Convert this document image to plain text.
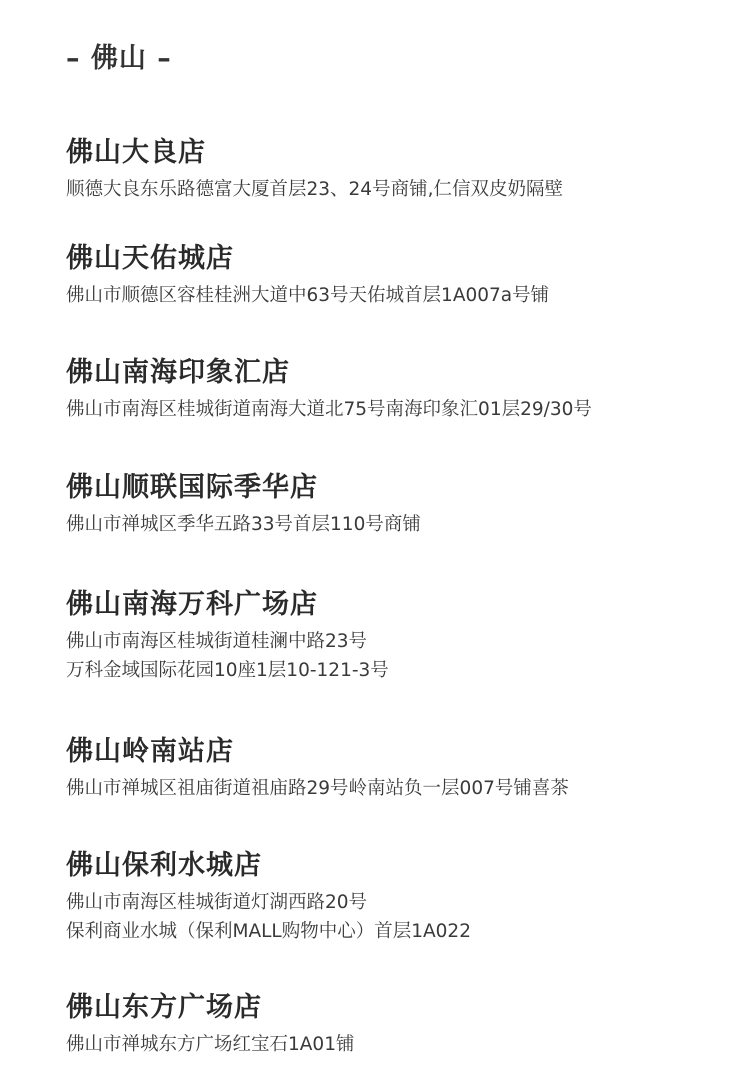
– 佛山 –
佛山大良店
顺德大良东乐路德富大厦首层23、24号商铺,仁信双皮奶隔壁
佛山天佑城店
佛山市顺德区容桂桂洲大道中63号天佑城首层1A007a号铺
佛山南海印象汇店
佛山市南海区桂城街道南海大道北75号南海印象汇01层29/30号
佛山顺联国际季华店
佛山市禅城区季华五路33号首层110号商铺
佛山南海万科广场店
佛山市南海区桂城街道桂澜中路23号
万科金域国际花园10座1层10-121-3号
佛山岭南站店
佛山市禅城区祖庙街道祖庙路29号岭南站负一层007号铺喜茶
佛山保利水城店
佛山市南海区桂城街道灯湖西路20号
保利商业水城（保利MALL购物中心）首层1A022
佛山东方广场店
佛山市禅城东方广场红宝石1A01铺
